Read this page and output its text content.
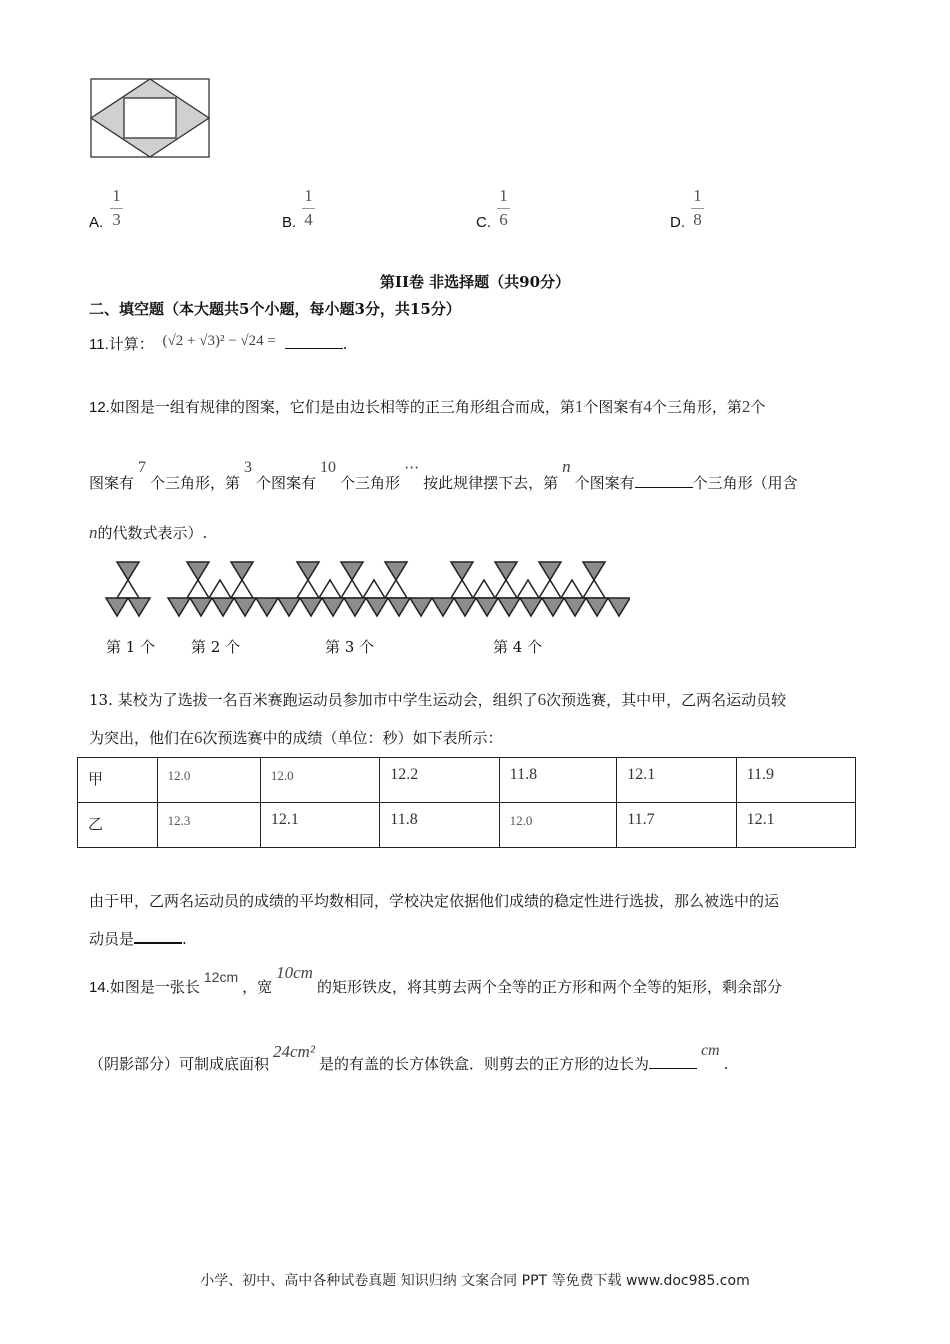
A.
1
3	B.
1
4	C.
1
6	D.
1
8
第II卷 非选择题（共90分）
二、填空题（本大题共5个小题，每小题3分，共15分）
11.计算： (√2 + √3)² − √24 =	.
12.如图是一组有规律的图案，它们是由边长相等的正三角形组合而成，第1个图案有4个三角形，第2个
图案有7个三角形，第3个图案有10个三角形⋯按此规律摆下去，第n个图案有	个三角形（用含
n的代数式表示）.
第 1 个 第 2 个	第 3 个	第 4 个
13. 某校为了选拔一名百米赛跑运动员参加市中学生运动会，组织了6次预选赛，其中甲，乙两名运动员较
为突出，他们在6次预选赛中的成绩（单位：秒）如下表所示：
甲	12.0	12.0	12.2	11.8	12.1	11.9
乙	12.3	12.1	11.8	12.0	11.7	12.1
由于甲，乙两名运动员的成绩的平均数相同，学校决定依据他们成绩的稳定性进行选拔，那么被选中的运
动员是	.
14.如图是一张长12cm，宽10cm的矩形铁皮，将其剪去两个全等的正方形和两个全等的矩形，剩余部分
（阴影部分）可制成底面积24cm²是的有盖的长方体铁盒．则剪去的正方形的边长为cm.
小学、初中、高中各种试卷真题 知识归纳 文案合同 PPT 等免费下载 www.doc985.com
